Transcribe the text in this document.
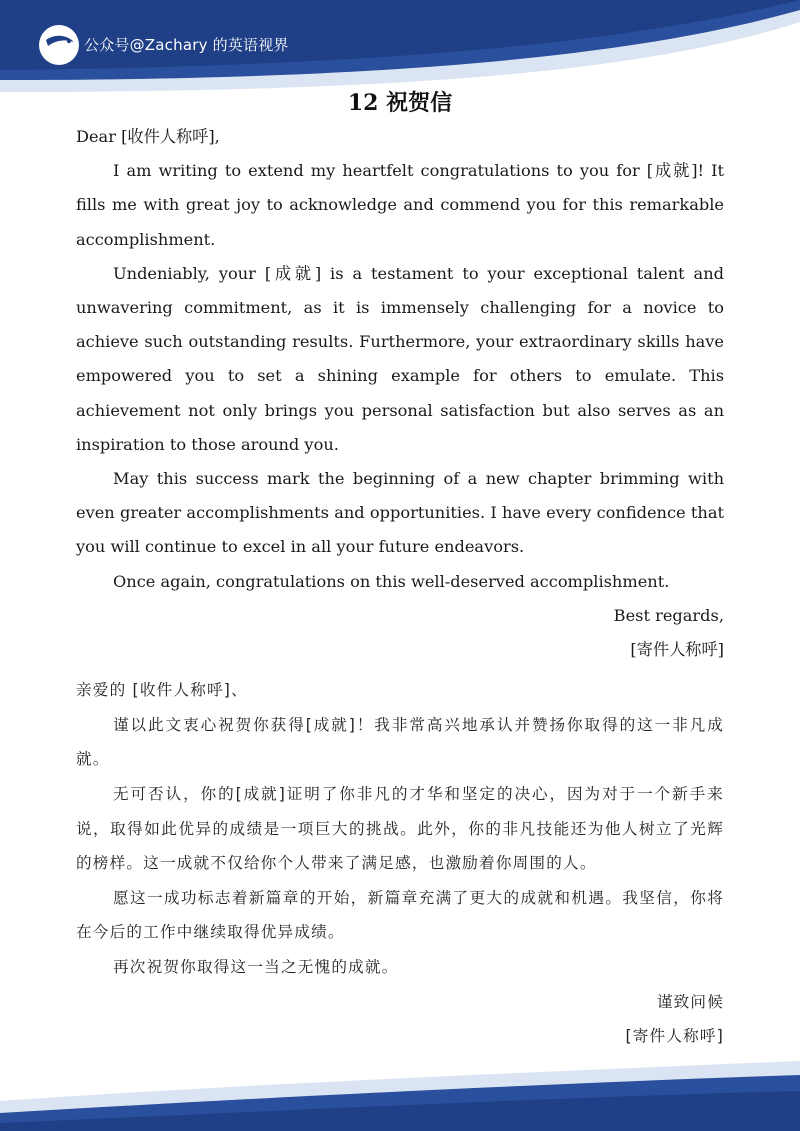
公众号@Zachary 的英语视界
12 祝贺信

Dear [收件人称呼],

I am writing to extend my heartfelt congratulations to you for [成就]! It fills me with great joy to acknowledge and commend you for this remarkable accomplishment.

Undeniably, your [成就] is a testament to your exceptional talent and unwavering commitment, as it is immensely challenging for a novice to achieve such outstanding results. Furthermore, your extraordinary skills have empowered you to set a shining example for others to emulate. This achievement not only brings you personal satisfaction but also serves as an inspiration to those around you.

May this success mark the beginning of a new chapter brimming with even greater accomplishments and opportunities. I have every confidence that you will continue to excel in all your future endeavors.

Once again, congratulations on this well-deserved accomplishment.

Best regards,

[寄件人称呼]

亲爱的 [收件人称呼]、

谨以此文衷心祝贺你获得[成就]！我非常高兴地承认并赞扬你取得的这一非凡成就。

无可否认，你的[成就]证明了你非凡的才华和坚定的决心，因为对于一个新手来说，取得如此优异的成绩是一项巨大的挑战。此外，你的非凡技能还为他人树立了光辉的榜样。这一成就不仅给你个人带来了满足感，也激励着你周围的人。

愿这一成功标志着新篇章的开始，新篇章充满了更大的成就和机遇。我坚信，你将在今后的工作中继续取得优异成绩。

再次祝贺你取得这一当之无愧的成就。

谨致问候

[寄件人称呼]
